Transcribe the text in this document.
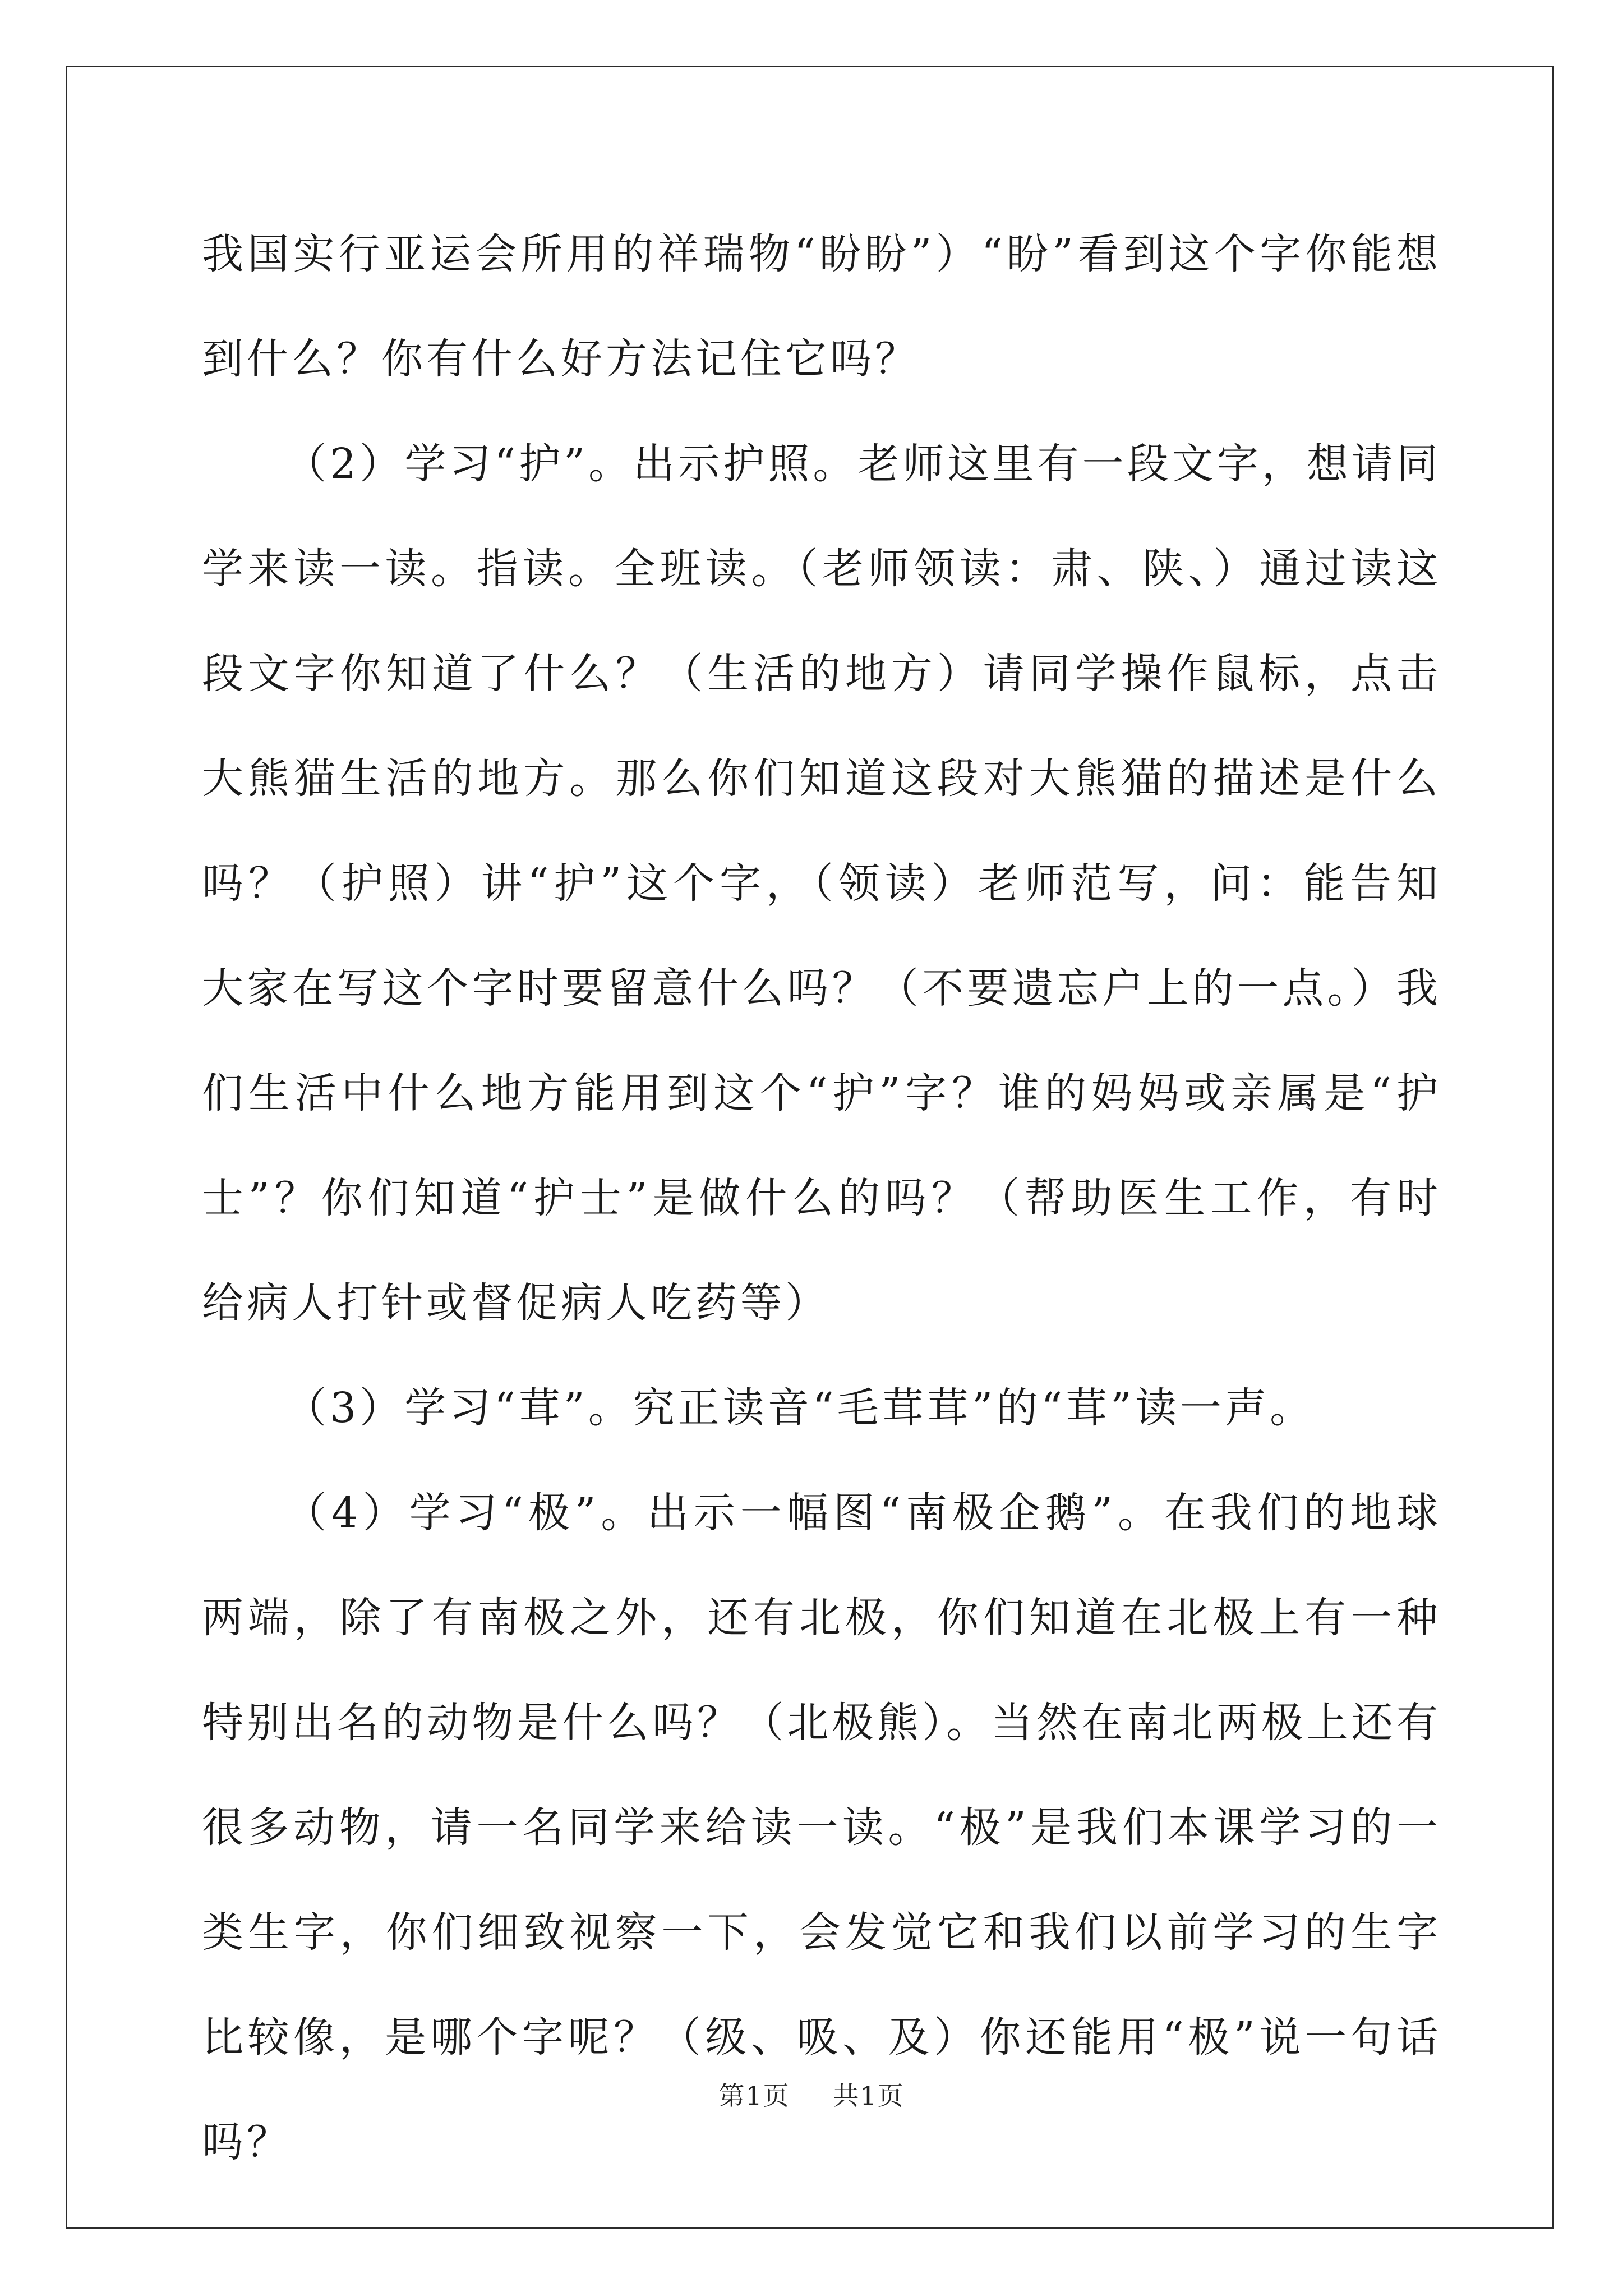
我国实行亚运会所用的祥瑞物“盼盼”）“盼”看到这个字你能想到什么？你有什么好方法记住它吗？

（2）学习“护”。出示护照。老师这里有一段文字，想请同学来读一读。指读。全班读。（老师领读：肃、陕、）通过读这段文字你知道了什么？（生活的地方）请同学操作鼠标，点击大熊猫生活的地方。那么你们知道这段对大熊猫的描述是什么吗？（护照）讲“护”这个字，（领读）老师范写，问：能告知大家在写这个字时要留意什么吗？（不要遗忘户上的一点。）我们生活中什么地方能用到这个“护”字？谁的妈妈或亲属是“护士”？你们知道“护士”是做什么的吗？（帮助医生工作，有时给病人打针或督促病人吃药等）

（3）学习“茸”。究正读音“毛茸茸”的“茸”读一声。

（4）学习“极”。出示一幅图“南极企鹅”。在我们的地球两端，除了有南极之外，还有北极，你们知道在北极上有一种特别出名的动物是什么吗？（北极熊）。当然在南北两极上还有很多动物，请一名同学来给读一读。“极”是我们本课学习的一类生字，你们细致视察一下，会发觉它和我们以前学习的生字比较像，是哪个字呢？（级、吸、及）你还能用“极”说一句话吗？

第1页 共1页
